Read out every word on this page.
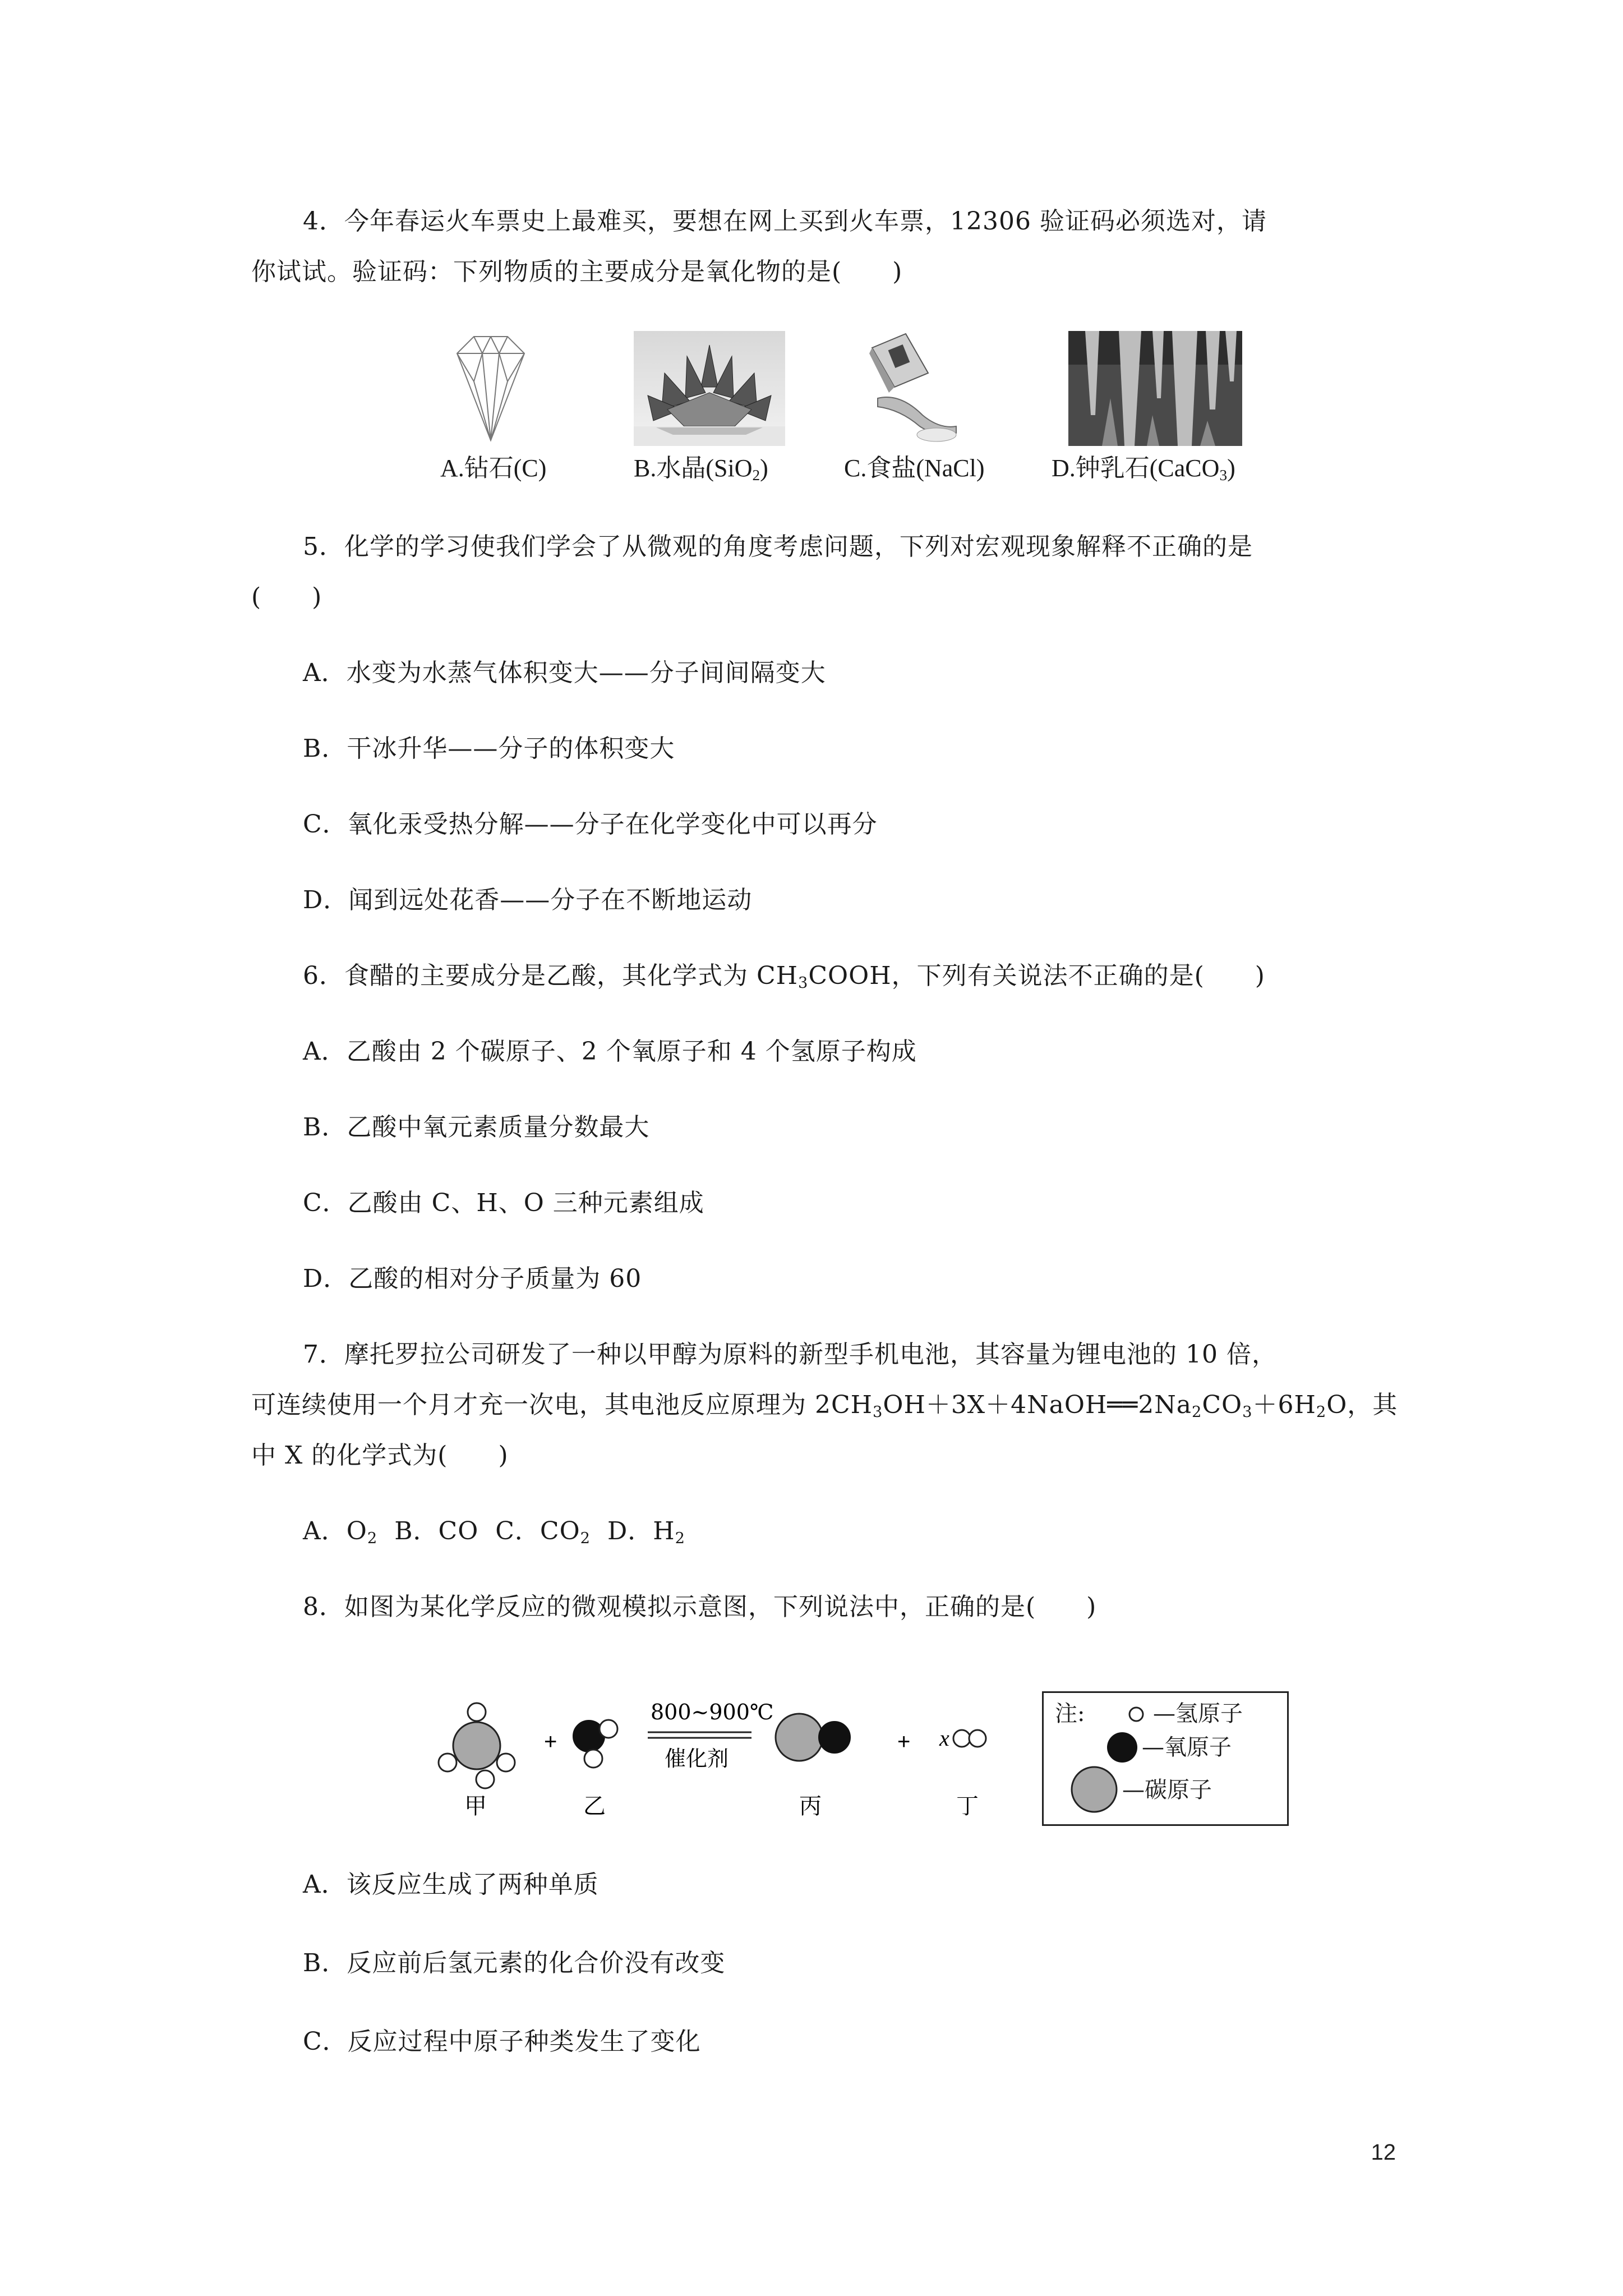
4．今年春运火车票史上最难买，要想在网上买到火车票，12306 验证码必须选对，请
你试试。验证码：下列物质的主要成分是氧化物的是(　　)
A.钻石(C)	B.水晶(SiO$_2$)	C.食盐(NaCl)	D.钟乳石(CaCO$_3$)
5．化学的学习使我们学会了从微观的角度考虑问题，下列对宏观现象解释不正确的是
(　　)
A．水变为水蒸气体积变大——分子间间隔变大
B．干冰升华——分子的体积变大
C．氧化汞受热分解——分子在化学变化中可以再分
D．闻到远处花香——分子在不断地运动
6．食醋的主要成分是乙酸，其化学式为 $CH_3COOH$，下列有关说法不正确的是(　　)
A．乙酸由 2 个碳原子、2 个氧原子和 4 个氢原子构成
B．乙酸中氧元素质量分数最大
C．乙酸由 C、H、O 三种元素组成
D．乙酸的相对分子质量为 60
7．摩托罗拉公司研发了一种以甲醇为原料的新型手机电池，其容量为锂电池的 10 倍，
可连续使用一个月才充一次电，其电池反应原理为 $2CH_3OH+3X+4NaOH══2Na_2CO_3+6H_2O$，其
中 X 的化学式为(　　)
A．$O_2$ B．CO C．$CO_2$ D．$H_2$
8．如图为某化学反应的微观模拟示意图，下列说法中，正确的是(　　)
+
800~900℃
催化剂
+ x
甲	乙	丙	丁
注:	—氢原子
—氧原子
—碳原子
A．该反应生成了两种单质
B．反应前后氢元素的化合价没有改变
C．反应过程中原子种类发生了变化
12
